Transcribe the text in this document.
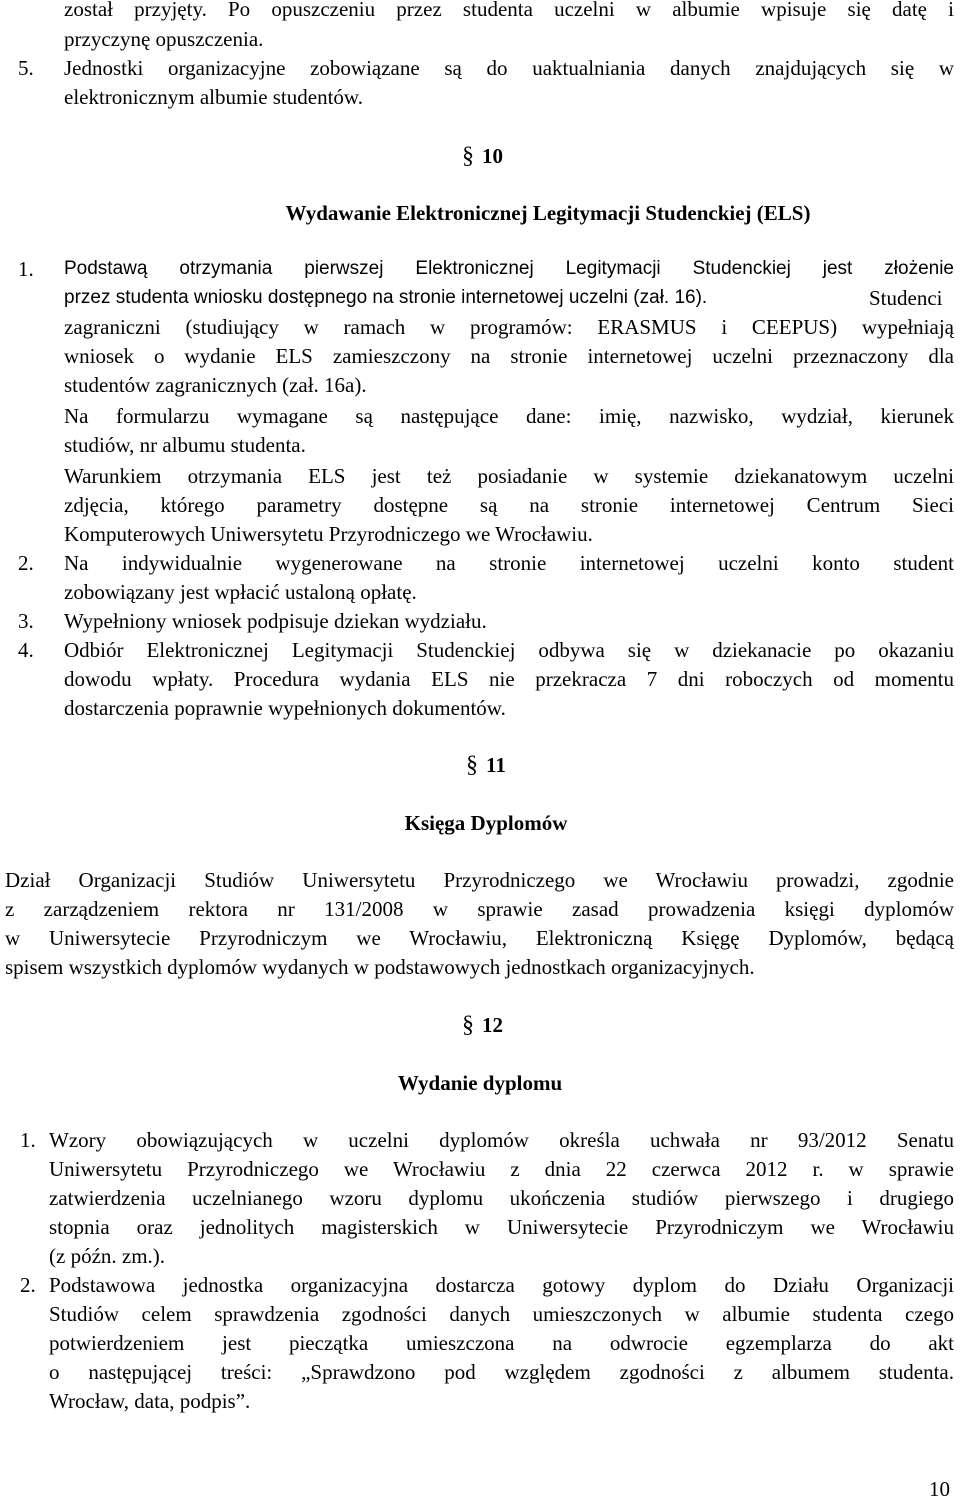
został przyjęty. Po opuszczeniu przez studenta uczelni w albumie wpisuje się datę i
przyczynę opuszczenia.
5. Jednostki organizacyjne zobowiązane są do uaktualniania danych znajdujących się w
elektronicznym albumie studentów.
§ 10
Wydawanie Elektronicznej Legitymacji Studenckiej (ELS)
1. Podstawą otrzymania pierwszej Elektronicznej Legitymacji Studenckiej jest złożenie
przez studenta wniosku dostępnego na stronie internetowej uczelni (zał. 16).	Studenci
zagraniczni (studiujący w ramach w programów: ERASMUS i CEEPUS) wypełniają
wniosek o wydanie ELS zamieszczony na stronie internetowej uczelni przeznaczony dla
studentów zagranicznych (zał. 16a).
Na formularzu wymagane są następujące dane: imię, nazwisko, wydział, kierunek
studiów, nr albumu studenta.
Warunkiem otrzymania ELS jest też posiadanie w systemie dziekanatowym uczelni
zdjęcia, którego parametry dostępne są na stronie internetowej Centrum Sieci
Komputerowych Uniwersytetu Przyrodniczego we Wrocławiu.
2. Na indywidualnie wygenerowane na stronie internetowej uczelni konto student
zobowiązany jest wpłacić ustaloną opłatę.
3. Wypełniony wniosek podpisuje dziekan wydziału.
4. Odbiór Elektronicznej Legitymacji Studenckiej odbywa się w dziekanacie po okazaniu
dowodu wpłaty. Procedura wydania ELS nie przekracza 7 dni roboczych od momentu
dostarczenia poprawnie wypełnionych dokumentów.
§ 11
Księga Dyplomów
Dział Organizacji Studiów Uniwersytetu Przyrodniczego we Wrocławiu prowadzi, zgodnie
z zarządzeniem rektora nr 131/2008 w sprawie zasad prowadzenia księgi dyplomów
w Uniwersytecie Przyrodniczym we Wrocławiu, Elektroniczną Księgę Dyplomów, będącą
spisem wszystkich dyplomów wydanych w podstawowych jednostkach organizacyjnych.
§ 12
Wydanie dyplomu
1. Wzory obowiązujących w uczelni dyplomów określa uchwała nr 93/2012 Senatu
Uniwersytetu Przyrodniczego we Wrocławiu z dnia 22 czerwca 2012 r. w sprawie
zatwierdzenia uczelnianego wzoru dyplomu ukończenia studiów pierwszego i drugiego
stopnia oraz jednolitych magisterskich w Uniwersytecie Przyrodniczym we Wrocławiu
(z późn. zm.).
2. Podstawowa jednostka organizacyjna dostarcza gotowy dyplom do Działu Organizacji
Studiów celem sprawdzenia zgodności danych umieszczonych w albumie studenta czego
potwierdzeniem jest pieczątka umieszczona na odwrocie egzemplarza do akt
o następującej treści: „Sprawdzono pod względem zgodności z albumem studenta.
Wrocław, data, podpis”.
10
